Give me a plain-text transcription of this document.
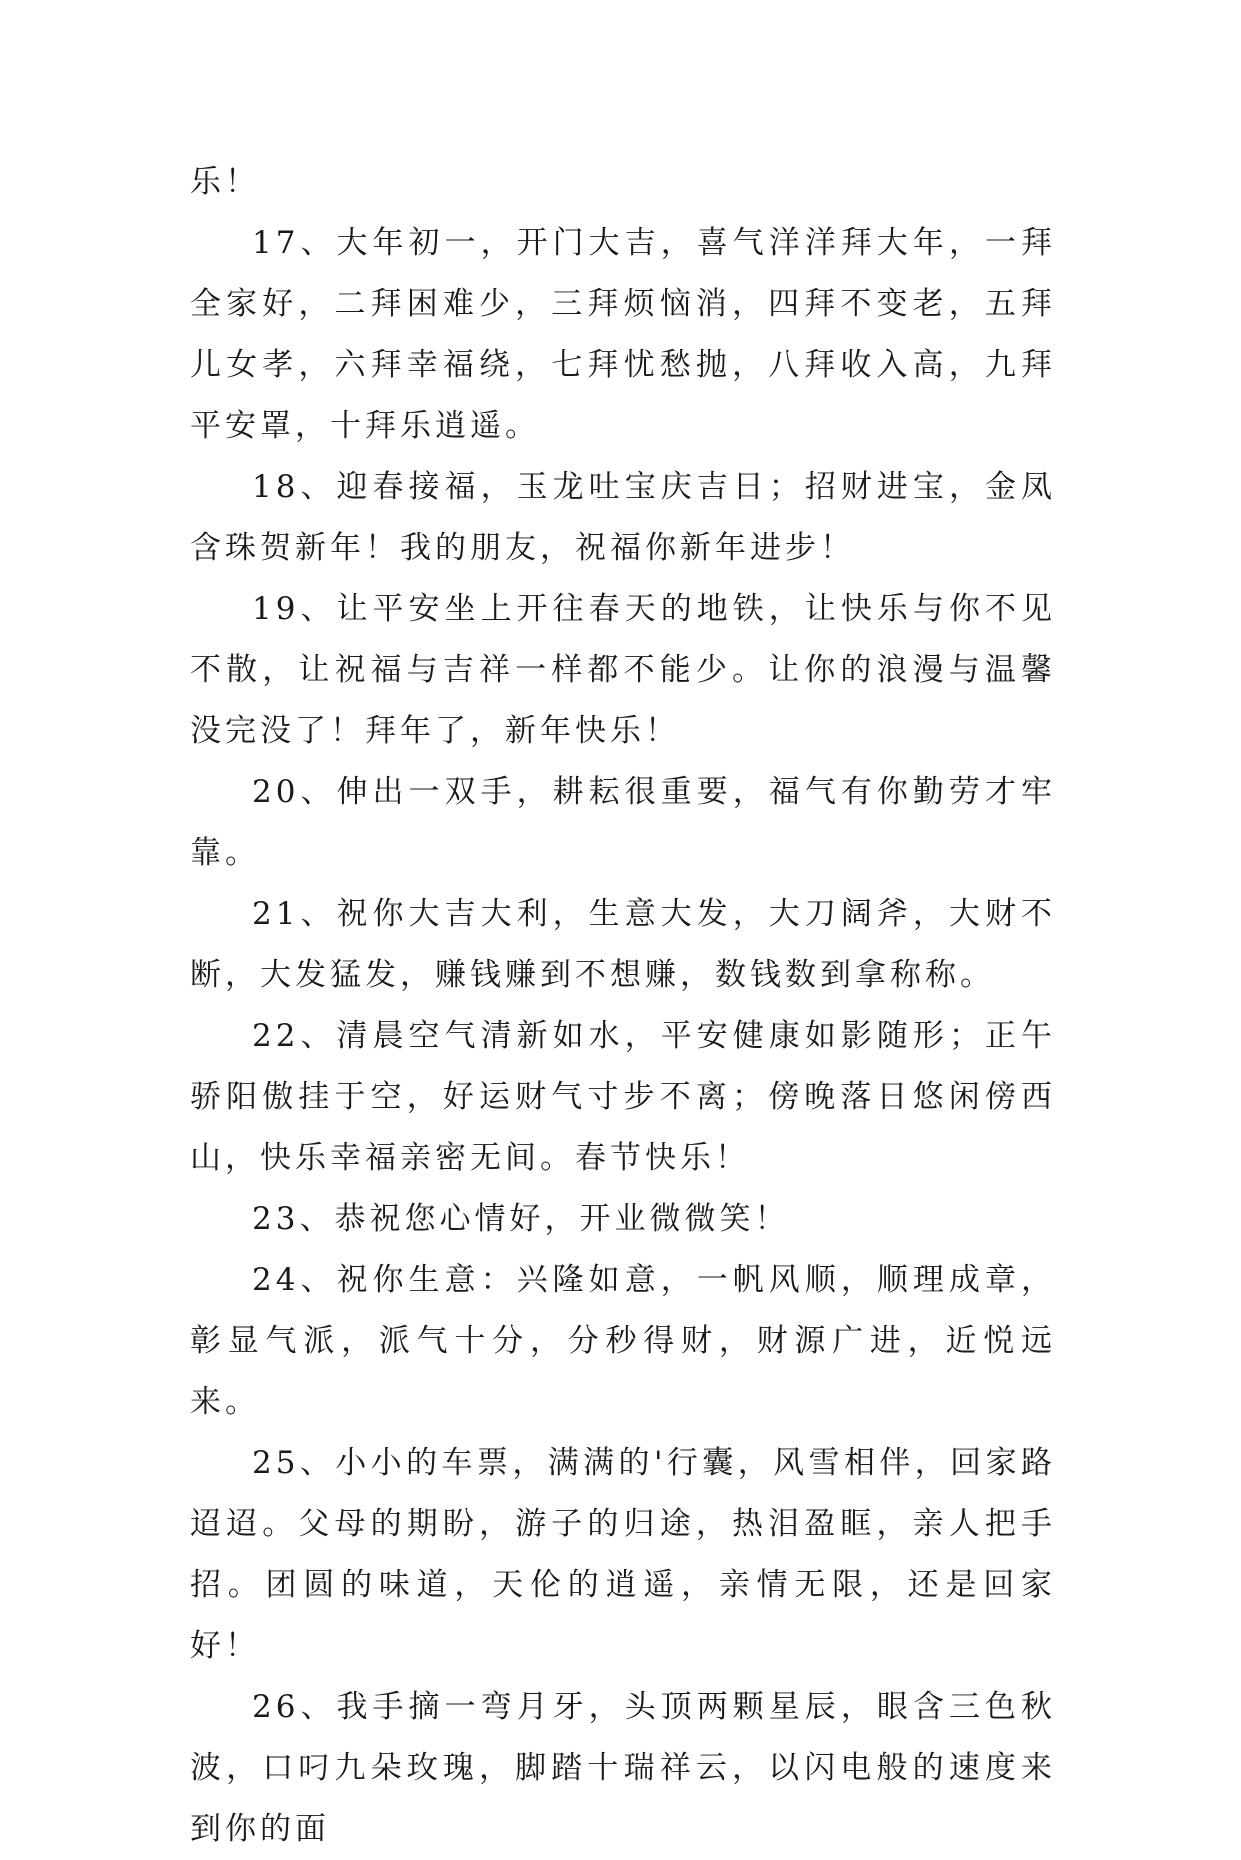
乐！

17、大年初一，开门大吉，喜气洋洋拜大年，一拜全家好，二拜困难少，三拜烦恼消，四拜不变老，五拜儿女孝，六拜幸福绕，七拜忧愁抛，八拜收入高，九拜平安罩，十拜乐逍遥。

18、迎春接福，玉龙吐宝庆吉日；招财进宝，金凤含珠贺新年！我的朋友，祝福你新年进步！

19、让平安坐上开往春天的地铁，让快乐与你不见不散，让祝福与吉祥一样都不能少。让你的浪漫与温馨没完没了！拜年了，新年快乐！

20、伸出一双手，耕耘很重要，福气有你勤劳才牢靠。

21、祝你大吉大利，生意大发，大刀阔斧，大财不断，大发猛发，赚钱赚到不想赚，数钱数到拿称称。

22、清晨空气清新如水，平安健康如影随形；正午骄阳傲挂于空，好运财气寸步不离；傍晚落日悠闲傍西山，快乐幸福亲密无间。春节快乐！

23、恭祝您心情好，开业微微笑！

24、祝你生意：兴隆如意，一帆风顺，顺理成章，彰显气派，派气十分，分秒得财，财源广进，近悦远来。

25、小小的车票，满满的'行囊，风雪相伴，回家路迢迢。父母的期盼，游子的归途，热泪盈眶，亲人把手招。团圆的味道，天伦的逍遥，亲情无限，还是回家好！

26、我手摘一弯月牙，头顶两颗星辰，眼含三色秋波，口叼九朵玫瑰，脚踏十瑞祥云，以闪电般的速度来到你的面
